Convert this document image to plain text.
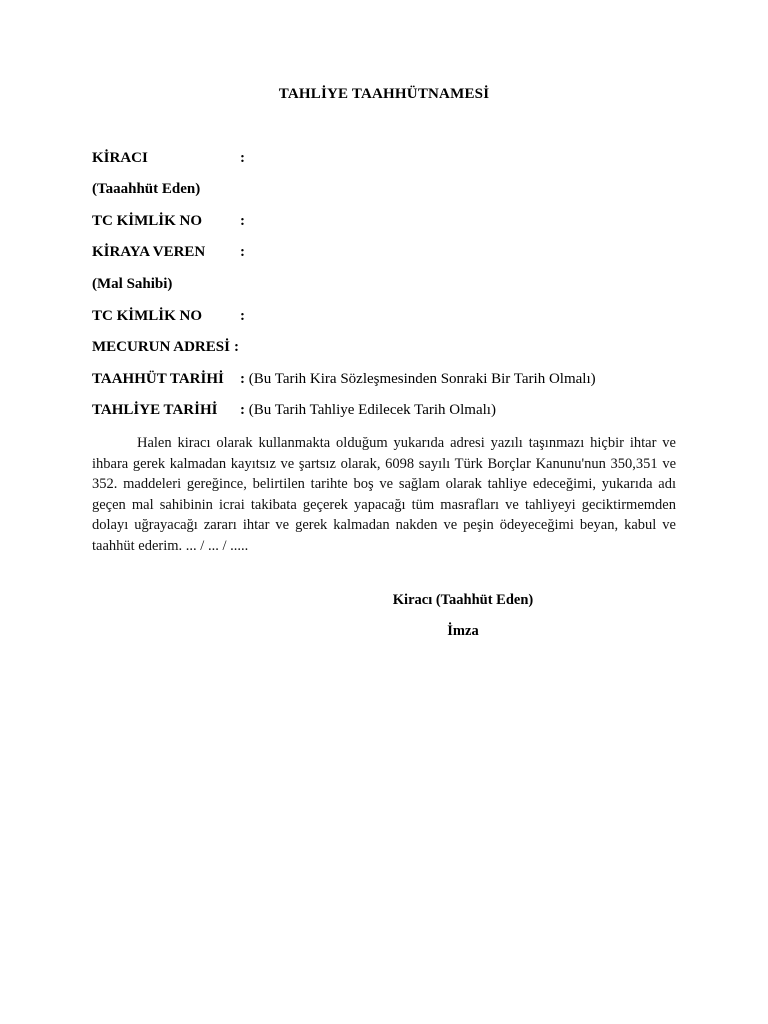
TAHLİYE TAAHHÜTNAMESİ
KİRACI	:
(Taaahhüt Eden)
TC KİMLİK NO	:
KİRAYA VEREN :
(Mal Sahibi)
TC KİMLİK NO	:
MECURUN ADRESİ :
TAAHHÜT TARİHİ : (Bu Tarih Kira Sözleşmesinden Sonraki Bir Tarih Olmalı)
TAHLİYE TARİHİ : (Bu Tarih Tahliye Edilecek Tarih Olmalı)
Halen kiracı olarak kullanmakta olduğum yukarıda adresi yazılı taşınmazı hiçbir ihtar ve ihbara gerek kalmadan kayıtsız ve şartsız olarak, 6098 sayılı Türk Borçlar Kanunu'nun 350,351 ve 352. maddeleri gereğince, belirtilen tarihte boş ve sağlam olarak tahliye edeceğimi, yukarıda adı geçen mal sahibinin icrai takibata geçerek yapacağı tüm masrafları ve tahliyeyi geciktirmemden dolayı uğrayacağı zararı ihtar ve gerek kalmadan nakden ve peşin ödeyeceğimi beyan, kabul ve taahhüt ederim. ... / ... / .....
Kiracı (Taahhüt Eden)
İmza
